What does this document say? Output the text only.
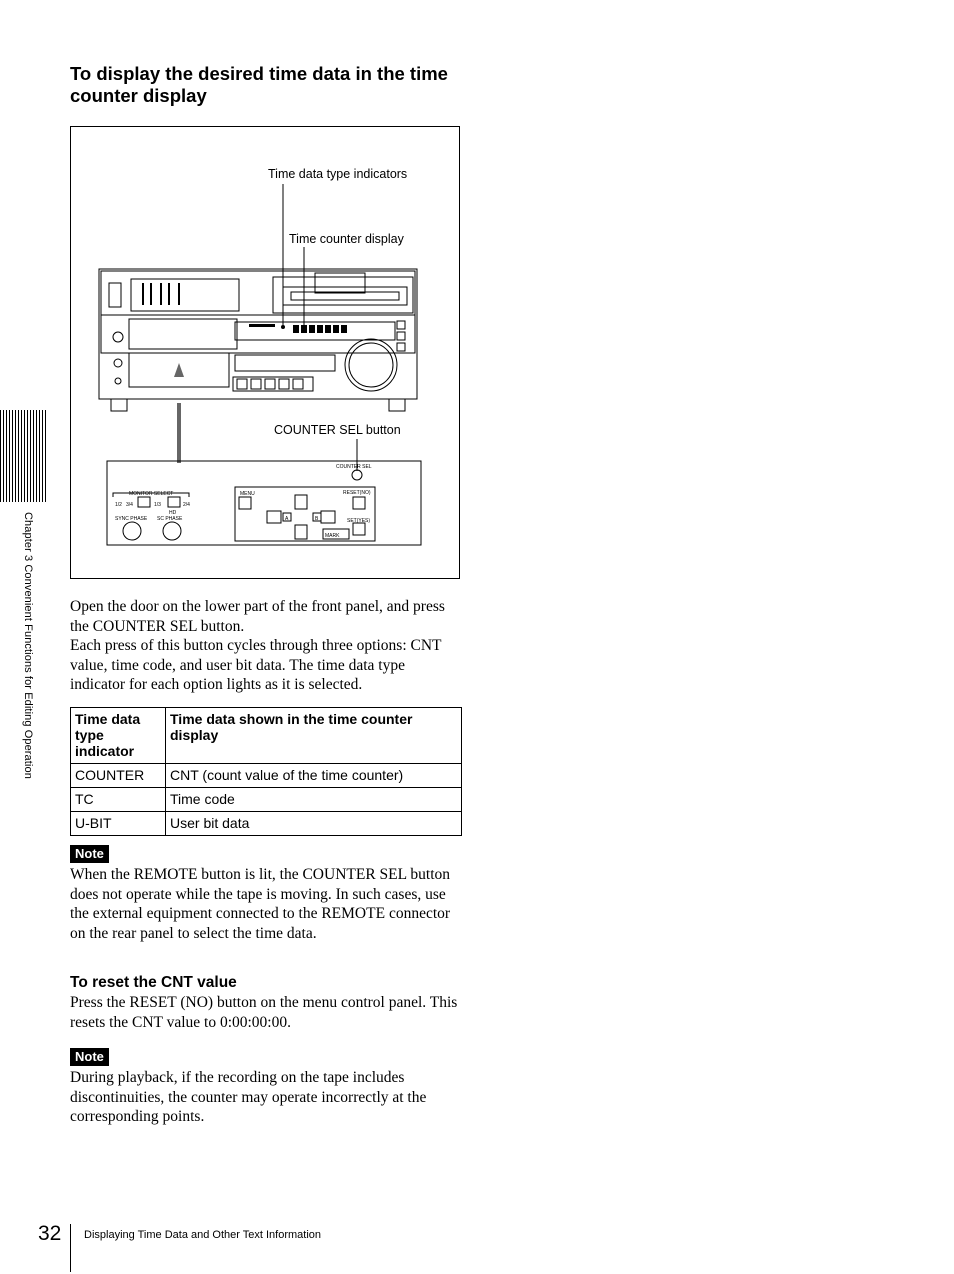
Chapter 3 Convenient Functions for Editing Operation
To display the desired time data in the time counter display
COUNTER SEL
MONITOR SELECT
1/2 3/4	1/3	2/4
HD
SYNC PHASE SC PHASE
MENU	RESET(NO)
SET(YES)
A	B
MARK
Time data type indicators
Time counter display
COUNTER SEL button

Open the door on the lower part of the front panel, and press the COUNTER SEL button.

Each press of this button cycles through three options: CNT value, time code, and user bit data. The time data type indicator for each option lights as it is selected.

Time data type indicator	Time data shown in the time counter display
COUNTER	CNT (count value of the time counter)
TC	Time code
U-BIT	User bit data
Note

When the REMOTE button is lit, the COUNTER SEL button does not operate while the tape is moving. In such cases, use the external equipment connected to the REMOTE connector on the rear panel to select the time data.

To reset the CNT value

Press the RESET (NO) button on the menu control panel. This resets the CNT value to 0:00:00:00.

Note

During playback, if the recording on the tape includes discontinuities, the counter may operate incorrectly at the corresponding points.

32 Displaying Time Data and Other Text Information
